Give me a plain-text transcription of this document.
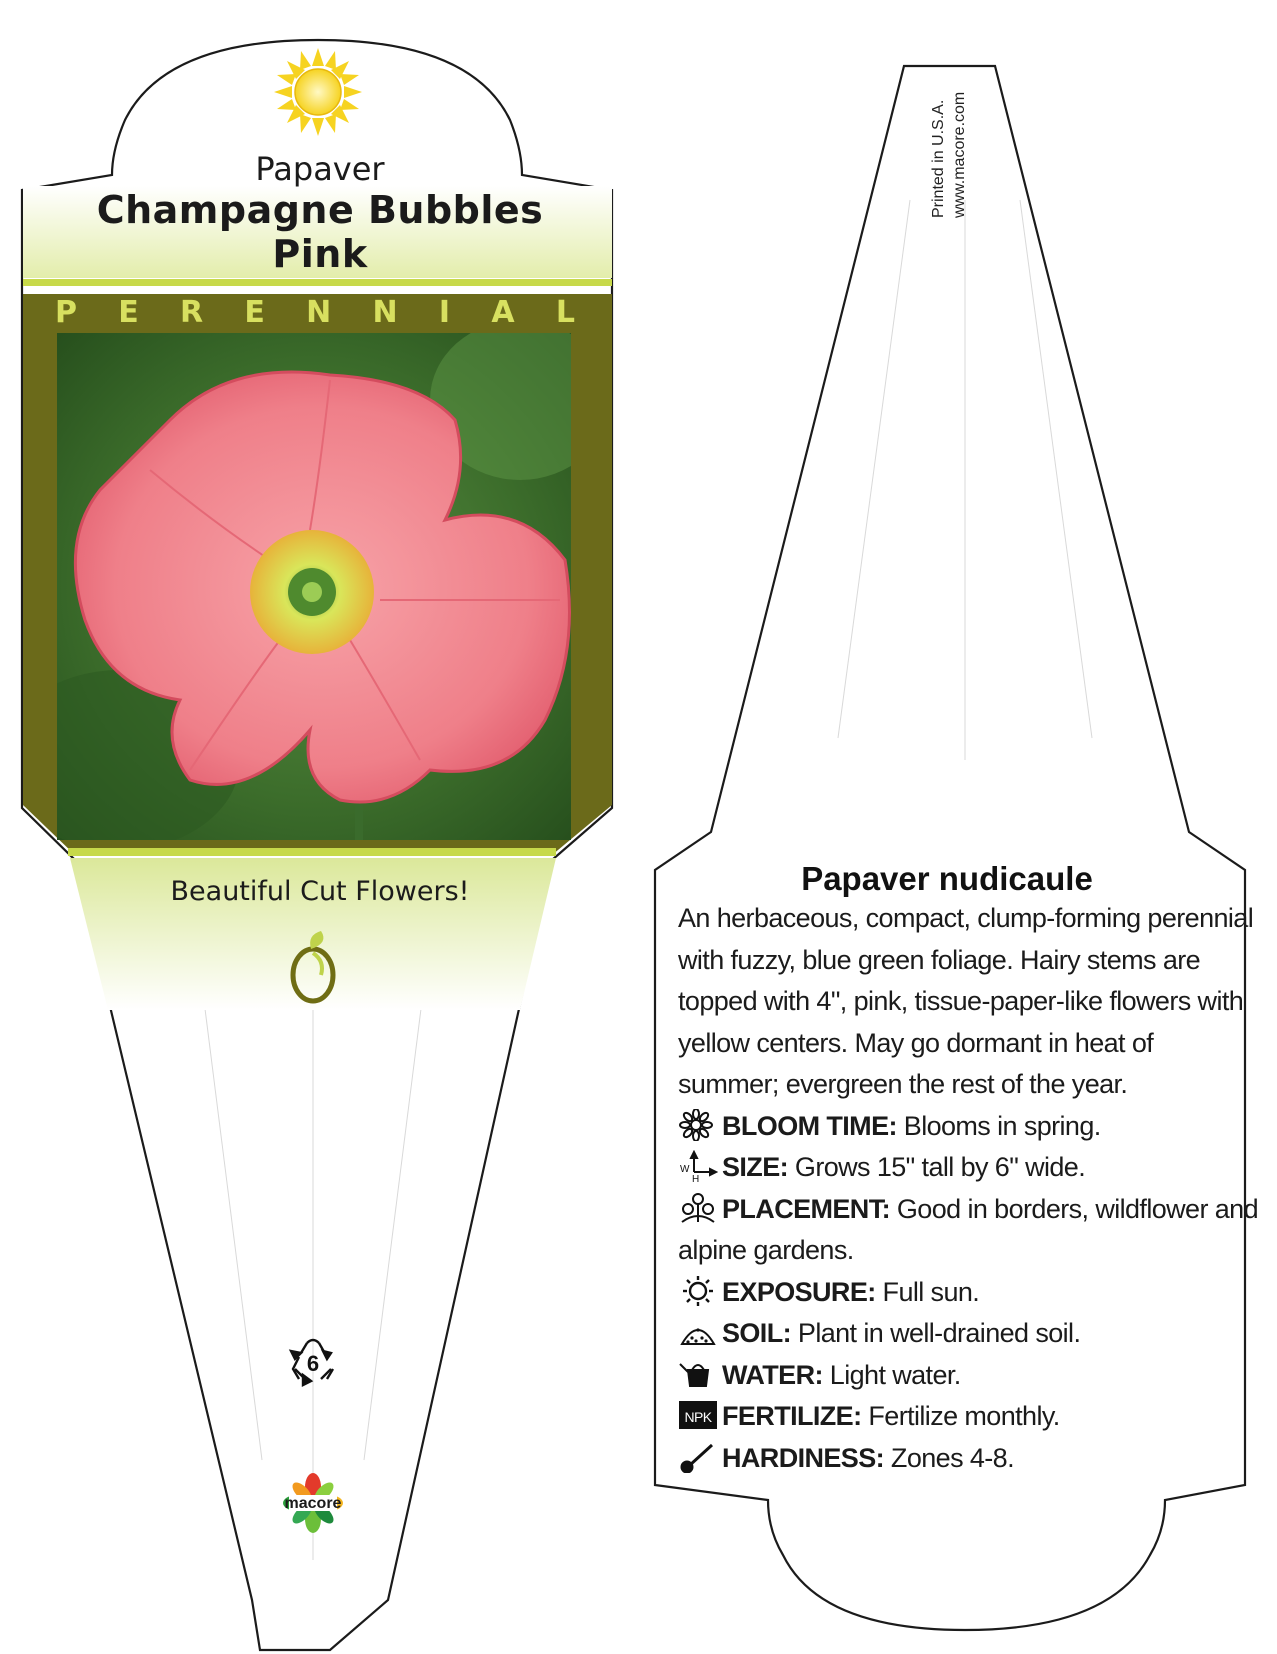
Papaver
Champagne Bubbles
Pink
P E R E N N I A L
Beautiful Cut Flowers!
6
macore
Printed in U.S.A. www.macore.com
Papaver nudicaule
An herbaceous, compact, clump-forming perennial with fuzzy, blue green foliage. Hairy stems are topped with 4", pink, tissue-paper-like flowers with yellow centers. May go dormant in heat of summer; evergreen the rest of the year.
BLOOM TIME: Blooms in spring.
W
H SIZE: Grows 15" tall by 6" wide.
PLACEMENT: Good in borders, wildflower and alpine gardens.
EXPOSURE: Full sun.
SOIL: Plant in well-drained soil.
WATER: Light water.
NPK FERTILIZE: Fertilize monthly.
HARDINESS: Zones 4-8.
